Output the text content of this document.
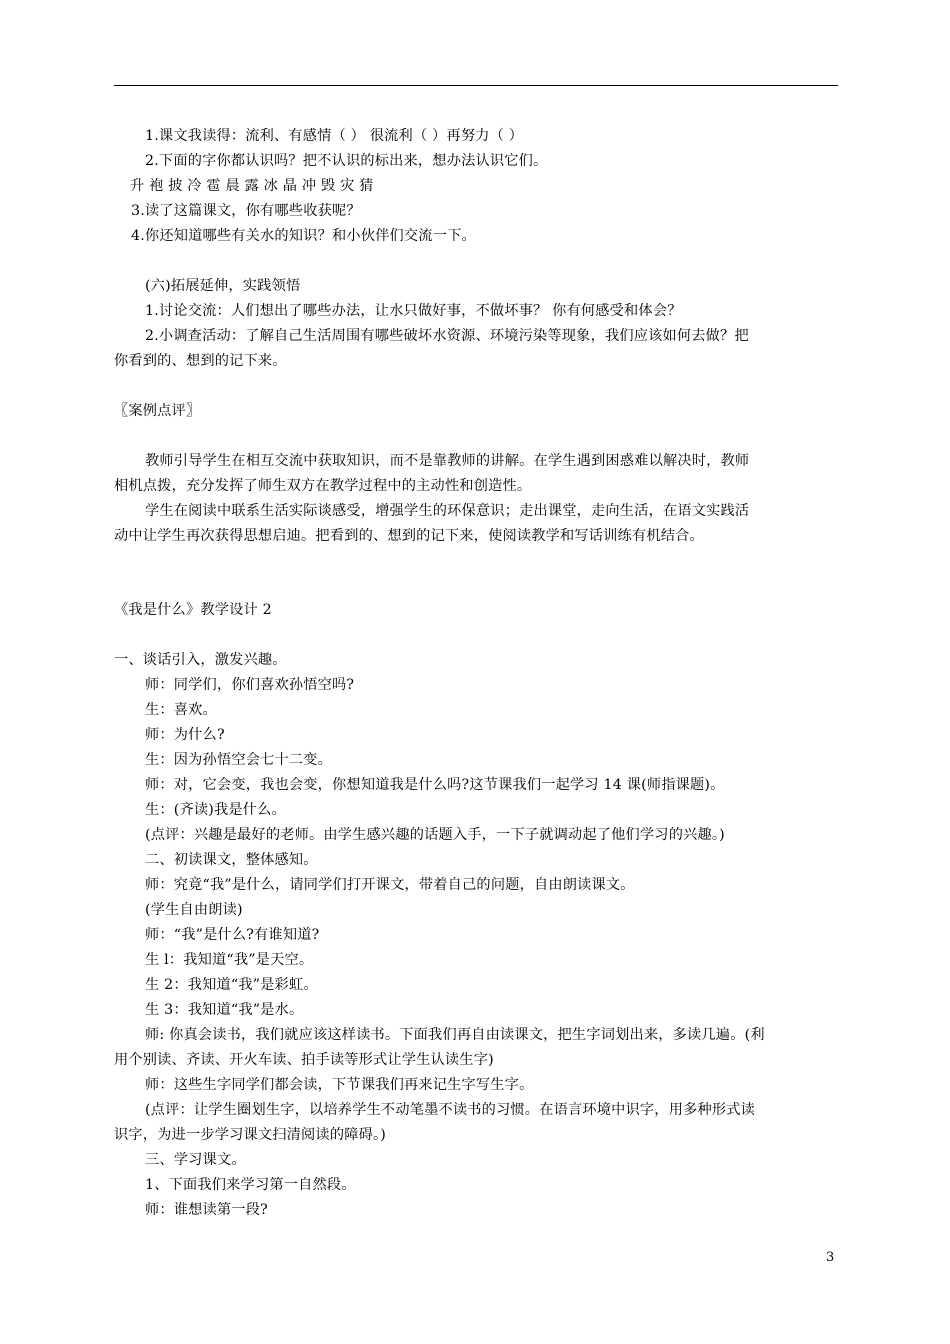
1.课文我读得：流利、有感情（ ） 很流利（ ）再努力（ ）
2.下面的字你都认识吗？把不认识的标出来，想办法认识它们。
升 袍 披 冷 雹 晨 露 冰 晶 冲 毁 灾 猜
3.读了这篇课文，你有哪些收获呢？
4.你还知道哪些有关水的知识？和小伙伴们交流一下。
(六)拓展延伸，实践领悟
1.讨论交流：人们想出了哪些办法，让水只做好事，不做坏事？ 你有何感受和体会？
2.小调查活动：了解自己生活周围有哪些破坏水资源、环境污染等现象，我们应该如何去做？把
你看到的、想到的记下来。
〖案例点评〗
教师引导学生在相互交流中获取知识，而不是靠教师的讲解。在学生遇到困惑难以解决时，教师
相机点拨，充分发挥了师生双方在教学过程中的主动性和创造性。
学生在阅读中联系生活实际谈感受，增强学生的环保意识；走出课堂，走向生活，在语文实践活
动中让学生再次获得思想启迪。把看到的、想到的记下来，使阅读教学和写话训练有机结合。
《我是什么》教学设计 2
一、谈话引入，激发兴趣。
师：同学们，你们喜欢孙悟空吗?
生：喜欢。
师：为什么?
生：因为孙悟空会七十二变。
师：对，它会变，我也会变，你想知道我是什么吗?这节课我们一起学习 14 课(师指课题)。
生：(齐读)我是什么。
(点评：兴趣是最好的老师。由学生感兴趣的话题入手，一下子就调动起了他们学习的兴趣。)
二、初读课文，整体感知。
师：究竟“我”是什么，请同学们打开课文，带着自己的问题，自由朗读课文。
(学生自由朗读)
师：“我”是什么?有谁知道?
生 l：我知道“我”是天空。
生 2：我知道“我”是彩虹。
生 3：我知道“我”是水。
师: 你真会读书，我们就应该这样读书。下面我们再自由读课文，把生字词划出来，多读几遍。(利
用个别读、齐读、开火车读、拍手读等形式让学生认读生字)
师：这些生字同学们都会读，下节课我们再来记生字写生字。
(点评：让学生圈划生字，以培养学生不动笔墨不读书的习惯。在语言环境中识字，用多种形式读
识字，为进一步学习课文扫清阅读的障碍。)
三、学习课文。
1、下面我们来学习第一自然段。
师：谁想读第一段?
3
